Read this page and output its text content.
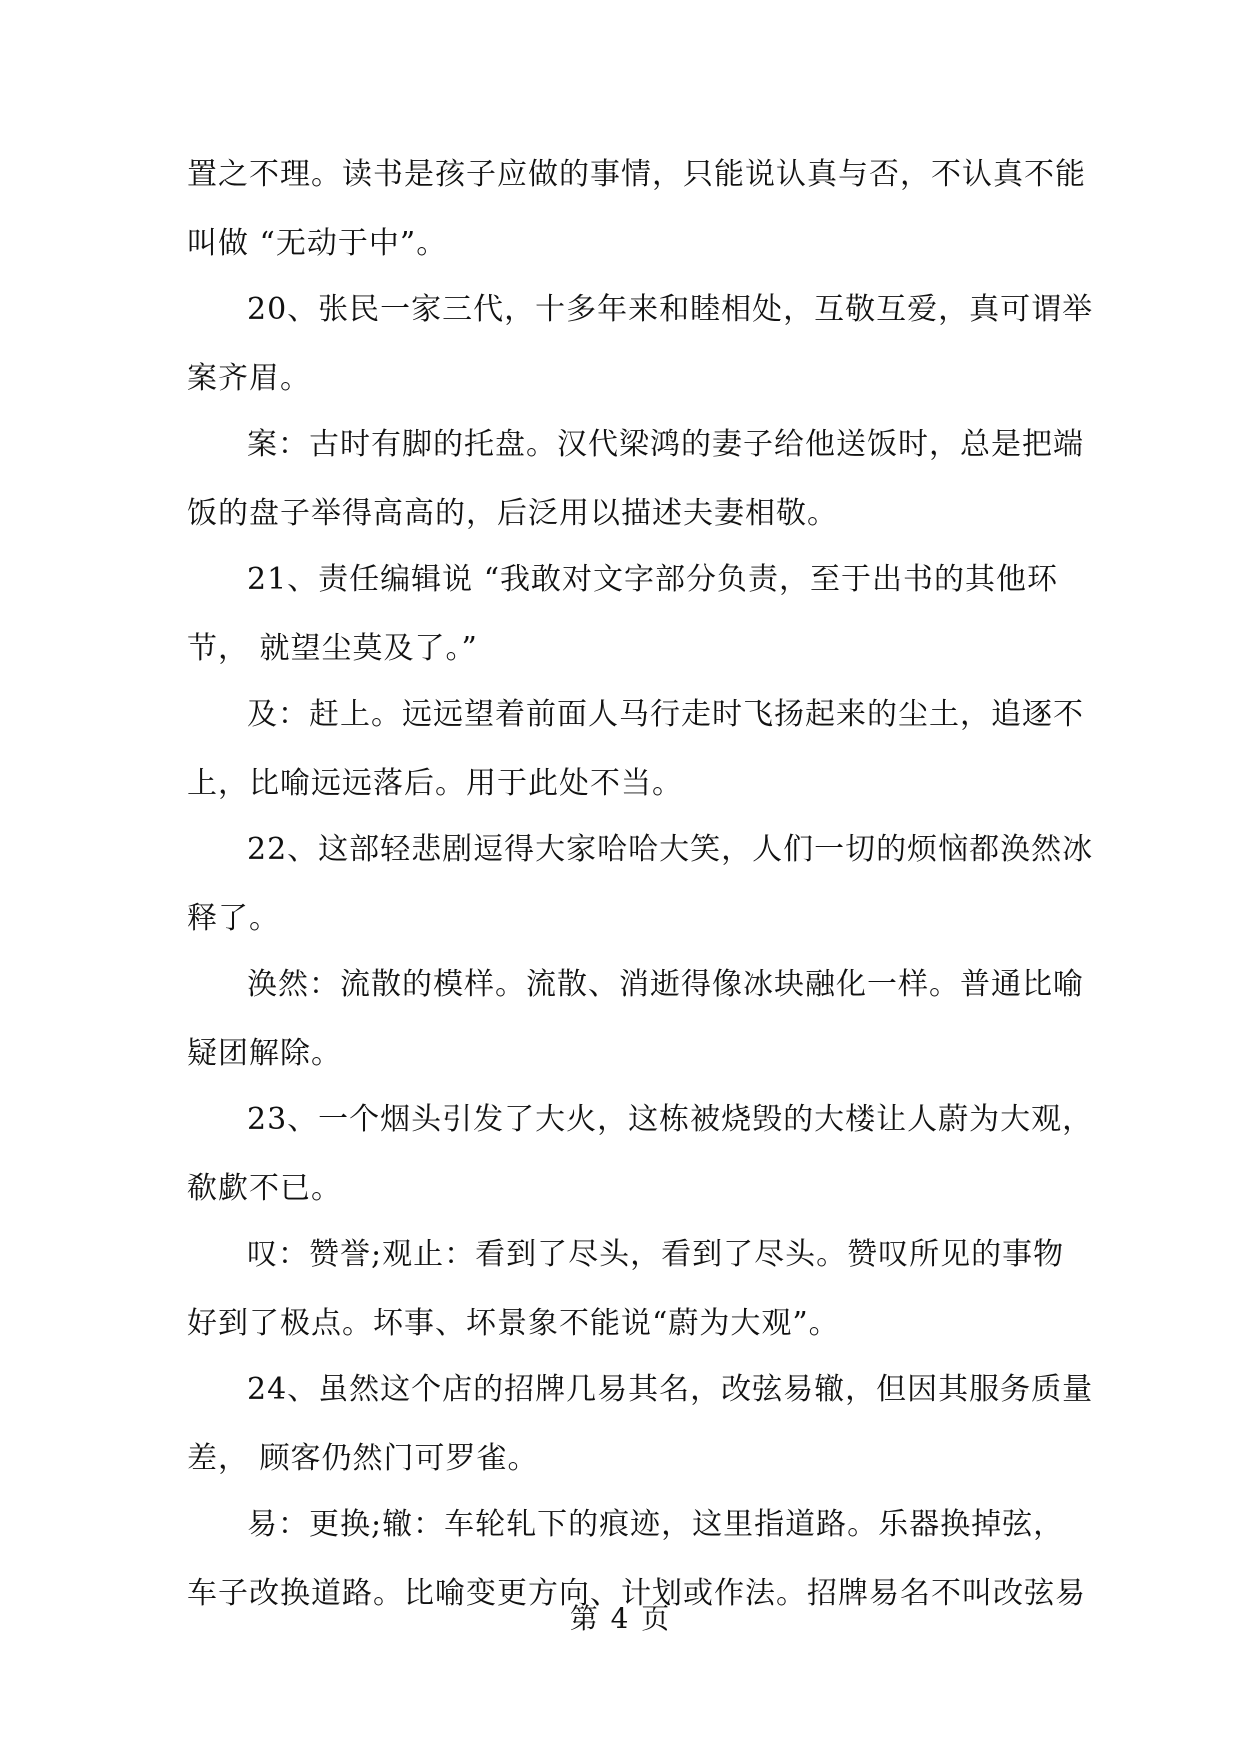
置之不理。读书是孩子应做的事情，只能说认真与否，不认真不能
叫做 “无动于中”。
20、张民一家三代，十多年来和睦相处，互敬互爱，真可谓举
案齐眉。
案：古时有脚的托盘。汉代梁鸿的妻子给他送饭时，总是把端
饭的盘子举得高高的，后泛用以描述夫妻相敬。
21、责任编辑说 “我敢对文字部分负责，至于出书的其他环
节， 就望尘莫及了。”
及：赶上。远远望着前面人马行走时飞扬起来的尘土，追逐不
上，比喻远远落后。用于此处不当。
22、这部轻悲剧逗得大家哈哈大笑，人们一切的烦恼都涣然冰
释了。
涣然：流散的模样。流散、消逝得像冰块融化一样。普通比喻
疑团解除。
23、一个烟头引发了大火，这栋被烧毁的大楼让人蔚为大观，
欷歔不已。
叹：赞誉;观止：看到了尽头，看到了尽头。赞叹所见的事物
好到了极点。坏事、坏景象不能说“蔚为大观”。
24、虽然这个店的招牌几易其名，改弦易辙，但因其服务质量
差， 顾客仍然门可罗雀。
易：更换;辙：车轮轧下的痕迹，这里指道路。乐器换掉弦，
车子改换道路。比喻变更方向、计划或作法。招牌易名不叫改弦易
第 4 页
